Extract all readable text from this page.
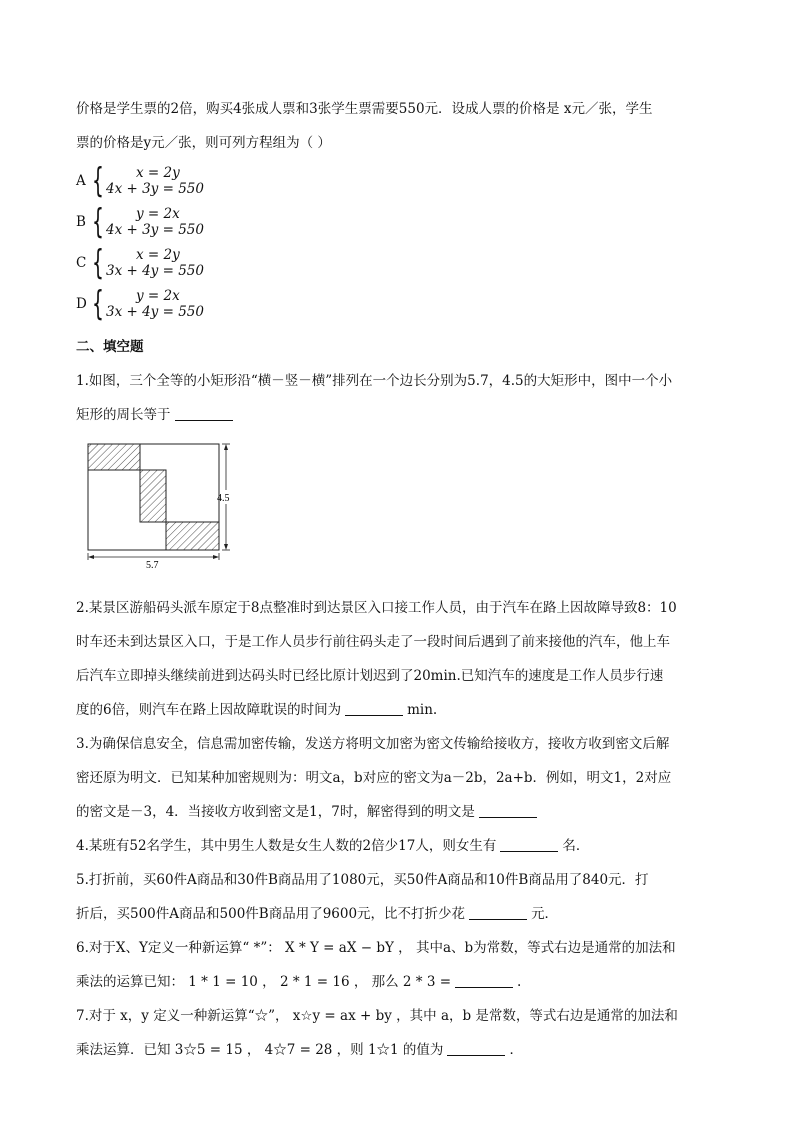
价格是学生票的2倍，购买4张成人票和3张学生票需要550元．设成人票的价格是 x元／张，学生
票的价格是y元／张，则可列方程组为（ ）
A {	x = 2y
4x + 3y = 550
B {	y = 2x
4x + 3y = 550
C {	x = 2y
3x + 4y = 550
D {	y = 2x
3x + 4y = 550
二、填空题
1.如图，三个全等的小矩形沿“横－竖－横”排列在一个边长分别为5.7，4.5的大矩形中，图中一个小
矩形的周长等于
5.7
4.5
2.某景区游船码头派车原定于8点整准时到达景区入口接工作人员，由于汽车在路上因故障导致8：10
时车还未到达景区入口，于是工作人员步行前往码头走了一段时间后遇到了前来接他的汽车，他上车
后汽车立即掉头继续前进到达码头时已经比原计划迟到了20min.已知汽车的速度是工作人员步行速
度的6倍，则汽车在路上因故障耽误的时间为	min.
3.为确保信息安全，信息需加密传输，发送方将明文加密为密文传输给接收方，接收方收到密文后解
密还原为明文．已知某种加密规则为：明文a，b对应的密文为a－2b，2a+b．例如，明文1，2对应
的密文是－3，4．当接收方收到密文是1，7时，解密得到的明文是
4.某班有52名学生，其中男生人数是女生人数的2倍少17人，则女生有	名．
5.打折前，买60件A商品和30件B商品用了1080元，买50件A商品和10件B商品用了840元．打
折后，买500件A商品和500件B商品用了9600元，比不打折少花	元．
6.对于X、Y定义一种新运算“ *”： X * Y = aX − bY ， 其中a、b为常数，等式右边是通常的加法和
乘法的运算已知： 1 * 1 = 10 ， 2 * 1 = 16 ， 那么 2 * 3 =	.
7.对于 x，y 定义一种新运算“☆”， x☆y = ax + by ，其中 a，b 是常数，等式右边是通常的加法和
乘法运算．已知 3☆5 = 15 ， 4☆7 = 28 ，则 1☆1 的值为	．
